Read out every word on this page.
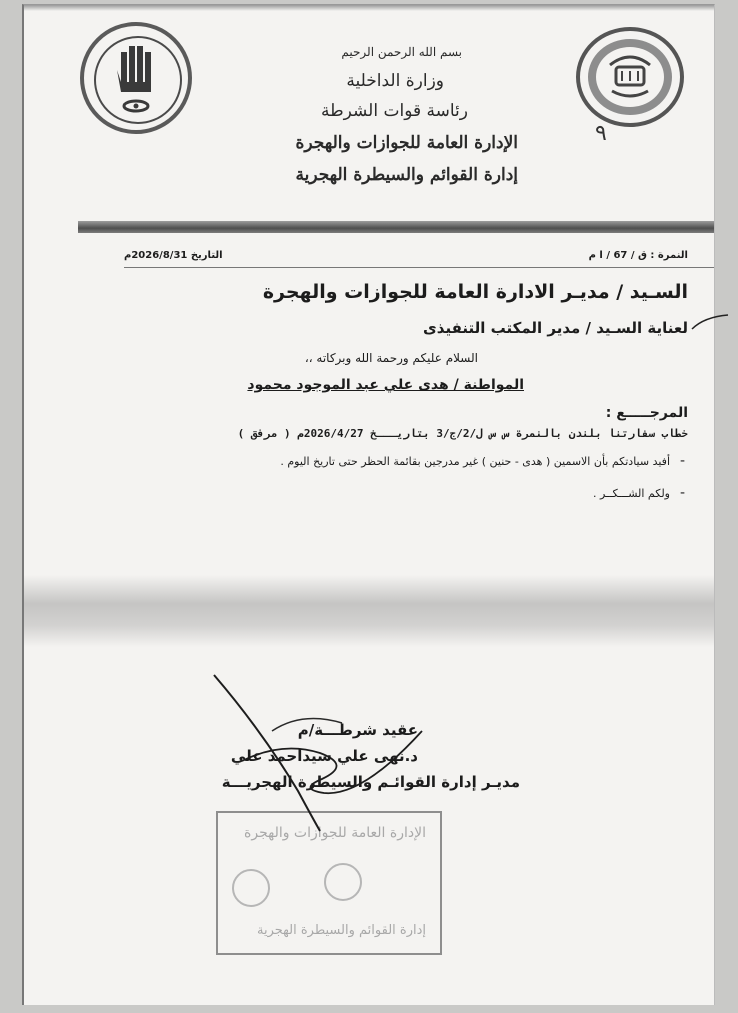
بسم الله الرحمن الرحيم
وزارة الداخلية
رئاسة قوات الشرطة
الإدارة العامة للجوازات والهجرة
إدارة القوائم والسيطرة الهجرية
٩
النمرة : ق / 67 / ا م
التاريخ 2026/8/31م
السـيد / مديـر الادارة العامة للجوازات والهجرة
لعناية السـيد / مدير المكتب التنفيذى
السلام عليكم ورحمة الله وبركاته ،،
المواطنة / هدى علي عبد الموجود محمود
المرجـــــع :
خطاب سفارتنا بلندن بالنمرة س س ل/2/ج/3 بتاريـــخ 2026/4/27م ( مرفق )
-
أفيد سيادتكم بأن الاسمين ( هدى - حنين ) غير مدرجين بقائمة الحظر حتى تاريخ اليوم .
-
ولكم الشـــكــر .
الإدارة العامة للجوازات والهجرة
إدارة القوائم والسيطرة الهجرية
عقيد شرطـــة/م
د.نهى علي سيداحمد علي
مديـر إدارة القوائـم والسيطرة الهجريـــة
